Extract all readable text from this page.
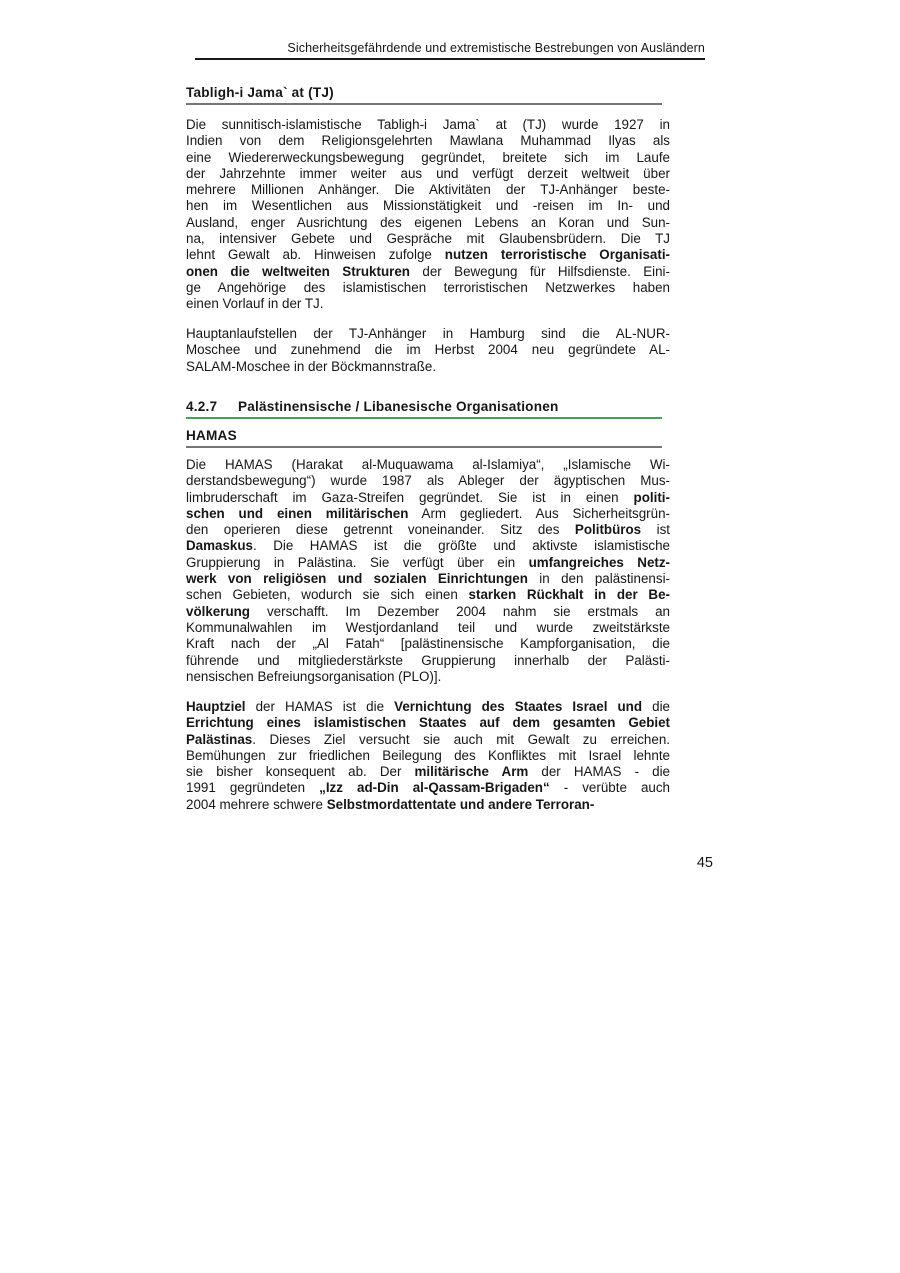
Sicherheitsgefährdende und extremistische Bestrebungen von Ausländern
Tabligh-i Jama` at (TJ)
Die sunnitisch-islamistische Tabligh-i Jama` at (TJ) wurde 1927 in
Indien von dem Religionsgelehrten Mawlana Muhammad Ilyas als
eine Wiedererweckungsbewegung gegründet, breitete sich im Laufe
der Jahrzehnte immer weiter aus und verfügt derzeit weltweit über
mehrere Millionen Anhänger. Die Aktivitäten der TJ-Anhänger beste-
hen im Wesentlichen aus Missionstätigkeit und -reisen im In- und
Ausland, enger Ausrichtung des eigenen Lebens an Koran und Sun-
na, intensiver Gebete und Gespräche mit Glaubensbrüdern. Die TJ
lehnt Gewalt ab. Hinweisen zufolge nutzen terroristische Organisati-
onen die weltweiten Strukturen der Bewegung für Hilfsdienste. Eini-
ge Angehörige des islamistischen terroristischen Netzwerkes haben
einen Vorlauf in der TJ.
Hauptanlaufstellen der TJ-Anhänger in Hamburg sind die AL-NUR-
Moschee und zunehmend die im Herbst 2004 neu gegründete AL-
SALAM-Moschee in der Böckmannstraße.
4.2.7 Palästinensische / Libanesische Organisationen
HAMAS
Die HAMAS (Harakat al-Muquawama al-Islamiya“, „Islamische Wi-
derstandsbewegung“) wurde 1987 als Ableger der ägyptischen Mus-
limbruderschaft im Gaza-Streifen gegründet. Sie ist in einen politi-
schen und einen militärischen Arm gegliedert. Aus Sicherheitsgrün-
den operieren diese getrennt voneinander. Sitz des Politbüros ist
Damaskus. Die HAMAS ist die größte und aktivste islamistische
Gruppierung in Palästina. Sie verfügt über ein umfangreiches Netz-
werk von religiösen und sozialen Einrichtungen in den palästinensi-
schen Gebieten, wodurch sie sich einen starken Rückhalt in der Be-
völkerung verschafft. Im Dezember 2004 nahm sie erstmals an
Kommunalwahlen im Westjordanland teil und wurde zweitstärkste
Kraft nach der „Al Fatah“ [palästinensische Kampforganisation, die
führende und mitgliederstärkste Gruppierung innerhalb der Palästi-
nensischen Befreiungsorganisation (PLO)].
Hauptziel der HAMAS ist die Vernichtung des Staates Israel und die
Errichtung eines islamistischen Staates auf dem gesamten Gebiet
Palästinas. Dieses Ziel versucht sie auch mit Gewalt zu erreichen.
Bemühungen zur friedlichen Beilegung des Konfliktes mit Israel lehnte
sie bisher konsequent ab. Der militärische Arm der HAMAS - die
1991 gegründeten „Izz ad-Din al-Qassam-Brigaden“ - verübte auch
2004 mehrere schwere Selbstmordattentate und andere Terroran-
45
